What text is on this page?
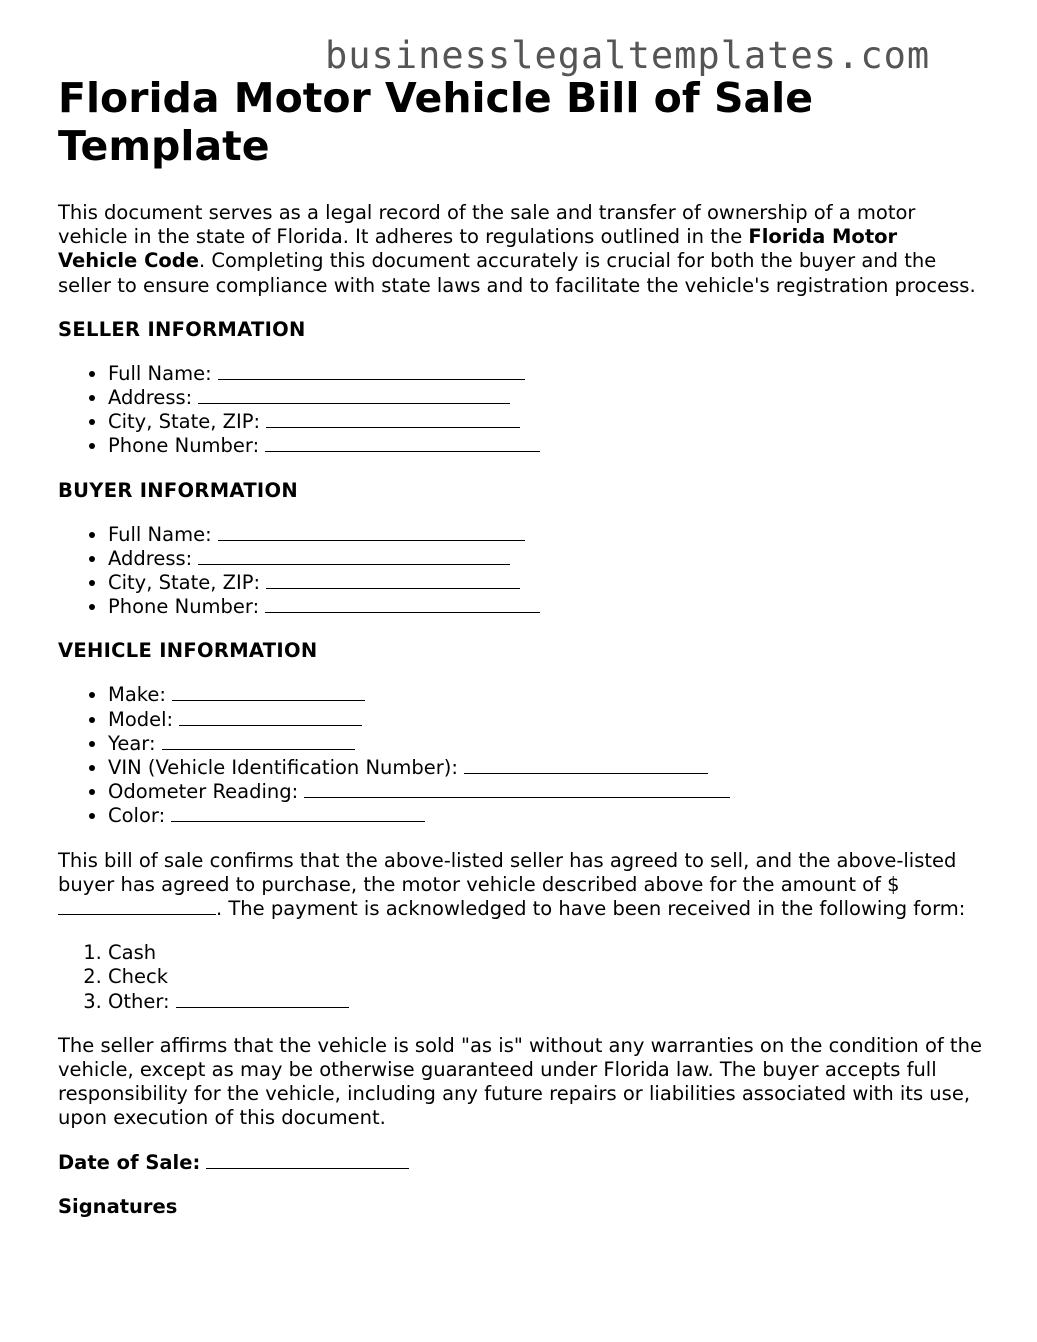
businesslegaltemplates.com
Florida Motor Vehicle Bill of Sale Template

This document serves as a legal record of the sale and transfer of ownership of a motor vehicle in the state of Florida. It adheres to regulations outlined in the Florida Motor Vehicle Code. Completing this document accurately is crucial for both the buyer and the seller to ensure compliance with state laws and to facilitate the vehicle's registration process.

SELLER INFORMATION
• Full Name:
• Address:
• City, State, ZIP:
• Phone Number:
BUYER INFORMATION
• Full Name:
• Address:
• City, State, ZIP:
• Phone Number:
VEHICLE INFORMATION
• Make:
• Model:
• Year:
• VIN (Vehicle Identification Number):
• Odometer Reading:
• Color:

This bill of sale confirms that the above-listed seller has agreed to sell, and the above-listed buyer has agreed to purchase, the motor vehicle described above for the amount of $. The payment is acknowledged to have been received in the following form:

1. Cash
2. Check
3. Other:

The seller affirms that the vehicle is sold "as is" without any warranties on the condition of the vehicle, except as may be otherwise guaranteed under Florida law. The buyer accepts full responsibility for the vehicle, including any future repairs or liabilities associated with its use, upon execution of this document.

Date of Sale:
Signatures
